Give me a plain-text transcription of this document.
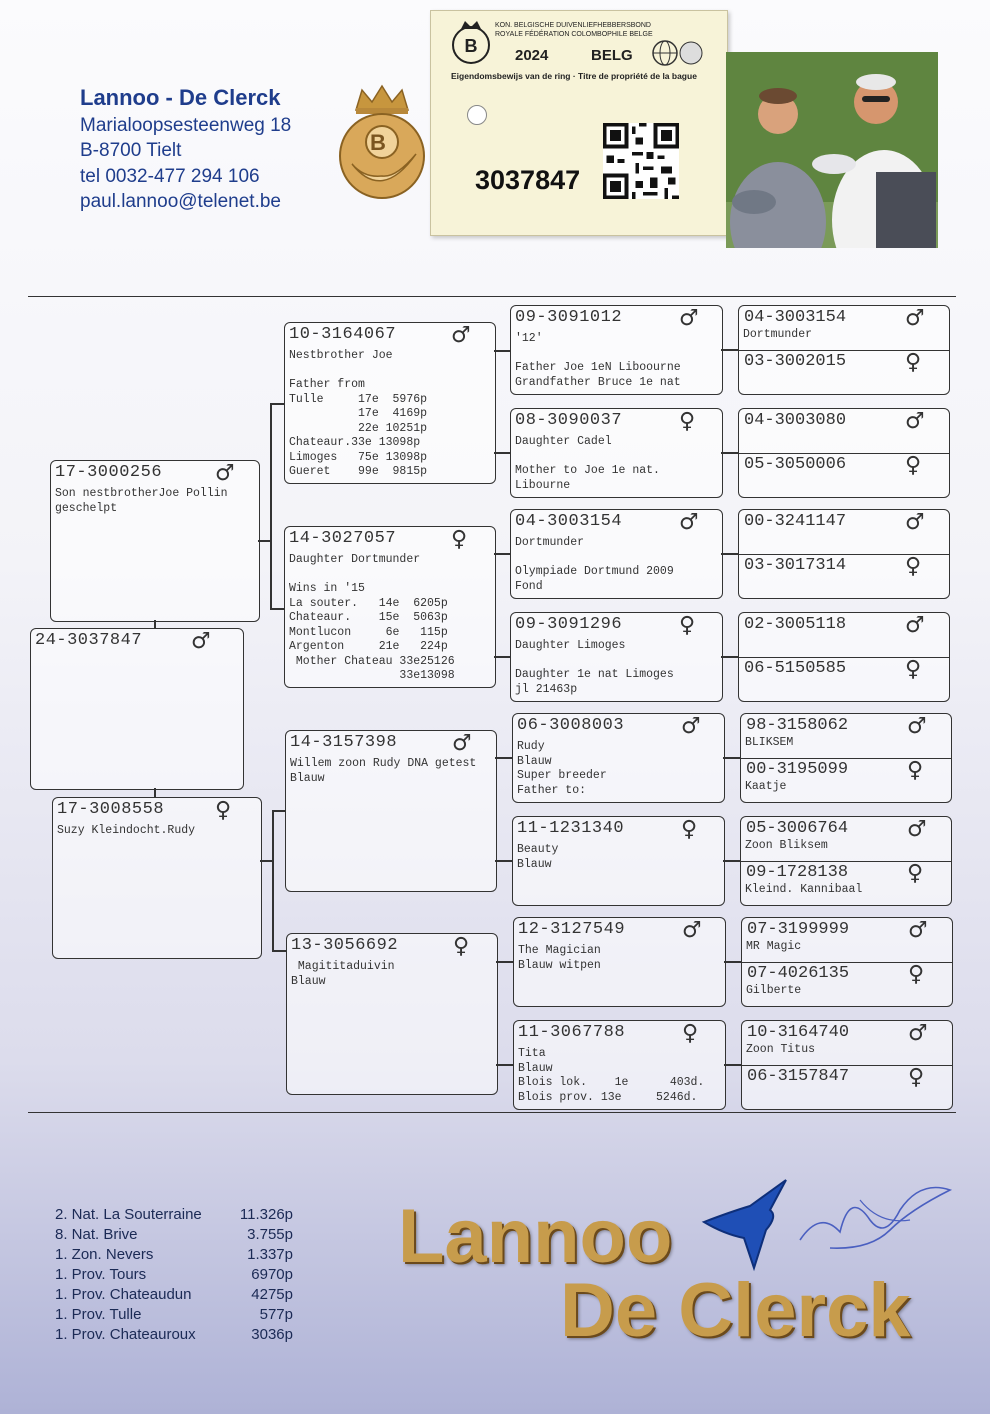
Lannoo - De Clerck
Marialoopsesteenweg 18
B-8700 Tielt
tel 0032-477 294 106
paul.lannoo@telenet.be
B
B
KON. BELGISCHE DUIVENLIEFHEBBERSBOND
ROYALE FÉDÉRATION COLOMBOPHILE BELGE
2024	BELG
Eigendomsbewijs van de ring · Titre de propriété de la bague
3037847
24-3037847 ♂
17-3000256 ♂
Son nestbrotherJoe Pollin
geschelpt
17-3008558 ♀
Suzy Kleindocht.Rudy
10-3164067 ♂
Nestbrother Joe
Father from
Tulle     17e  5976p
17e  4169p
22e 10251p
Chateaur.33e 13098p
Limoges   75e 13098p
Gueret    99e  9815p
14-3027057 ♀
Daughter Dortmunder
Wins in '15
La souter.   14e  6205p
Chateaur.    15e  5063p
Montlucon     6e   115p
Argenton     21e   224p
Mother Chateau 33e25126
33e13098
14-3157398 ♂
Willem zoon Rudy DNA getest
Blauw
13-3056692 ♀
Magititaduivin
Blauw
09-3091012	♂
'12'
Father Joe 1eN Liboourne
Grandfather Bruce 1e nat
08-3090037	♀
Daughter Cadel
Mother to Joe 1e nat.
Libourne
04-3003154	♂
Dortmunder
Olympiade Dortmund 2009
Fond
09-3091296	♀
Daughter Limoges
Daughter 1e nat Limoges
jl 21463p
06-3008003	♂
Rudy
Blauw
Super breeder
Father to:
11-1231340	♀
Beauty
Blauw
12-3127549	♂
The Magician
Blauw witpen
11-3067788	♀
Tita
Blauw
Blois lok.    1e      403d.
Blois prov. 13e     5246d.
04-3003154	♂
Dortmunder
03-3002015	♀
04-3003080	♂
05-3050006	♀
00-3241147	♂
03-3017314	♀
02-3005118	♂
06-5150585	♀
98-3158062	♂
BLIKSEM
00-3195099	♀
Kaatje
05-3006764	♂
Zoon Bliksem
09-1728138	♀
Kleind. Kannibaal
07-3199999	♂
MR Magic
07-4026135	♀
Gilberte
10-3164740	♂
Zoon Titus
06-3157847	♀
2. Nat. La Souterraine	11.326p
8. Nat. Brive	3.755p
1. Zon. Nevers	1.337p
1. Prov. Tours	6970p
1. Prov. Chateaudun	4275p
1. Prov. Tulle	577p
1. Prov. Chateauroux	3036p
Lannoo
De Clerck
